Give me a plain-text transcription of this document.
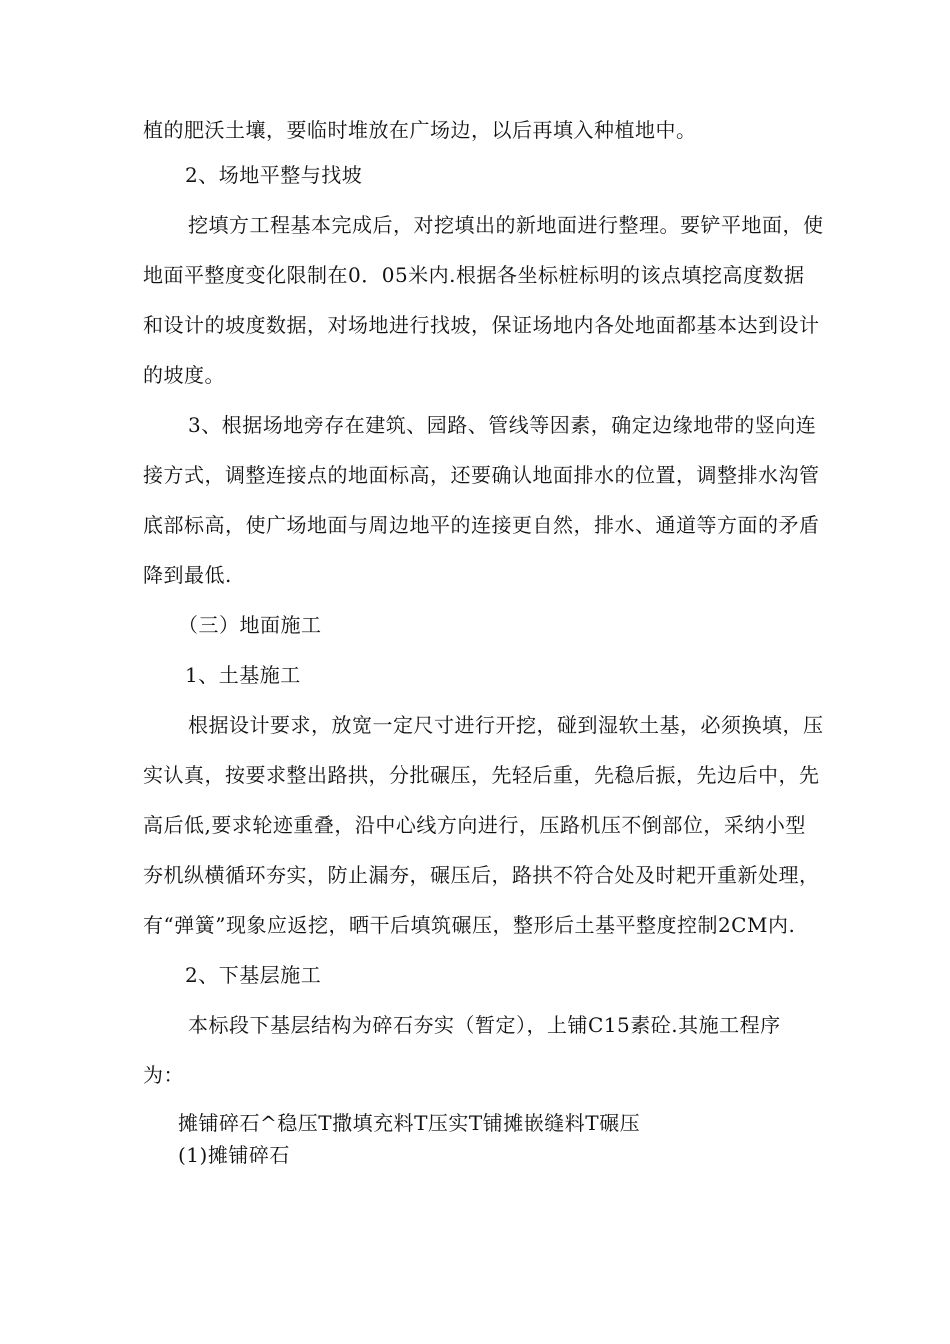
植的肥沃土壤，要临时堆放在广场边，以后再填入种植地中。
2、场地平整与找坡
挖填方工程基本完成后，对挖填出的新地面进行整理。要铲平地面，使
地面平整度变化限制在0．05米内.根据各坐标桩标明的该点填挖高度数据
和设计的坡度数据，对场地进行找坡，保证场地内各处地面都基本达到设计
的坡度。
3、根据场地旁存在建筑、园路、管线等因素，确定边缘地带的竖向连
接方式，调整连接点的地面标高，还要确认地面排水的位置，调整排水沟管
底部标高，使广场地面与周边地平的连接更自然，排水、通道等方面的矛盾
降到最低.
（三）地面施工
1、土基施工
根据设计要求，放宽一定尺寸进行开挖，碰到湿软土基，必须换填，压
实认真，按要求整出路拱，分批碾压，先轻后重，先稳后振，先边后中，先
高后低,要求轮迹重叠，沿中心线方向进行，压路机压不倒部位，采纳小型
夯机纵横循环夯实，防止漏夯，碾压后，路拱不符合处及时耙开重新处理，
有“弹簧”现象应返挖，晒干后填筑碾压，整形后土基平整度控制2CM内.
2、下基层施工
本标段下基层结构为碎石夯实（暂定），上铺C15素砼.其施工程序
为：
摊铺碎石^稳压T撒填充料T压实T铺摊嵌缝料T碾压
(1)摊铺碎石
